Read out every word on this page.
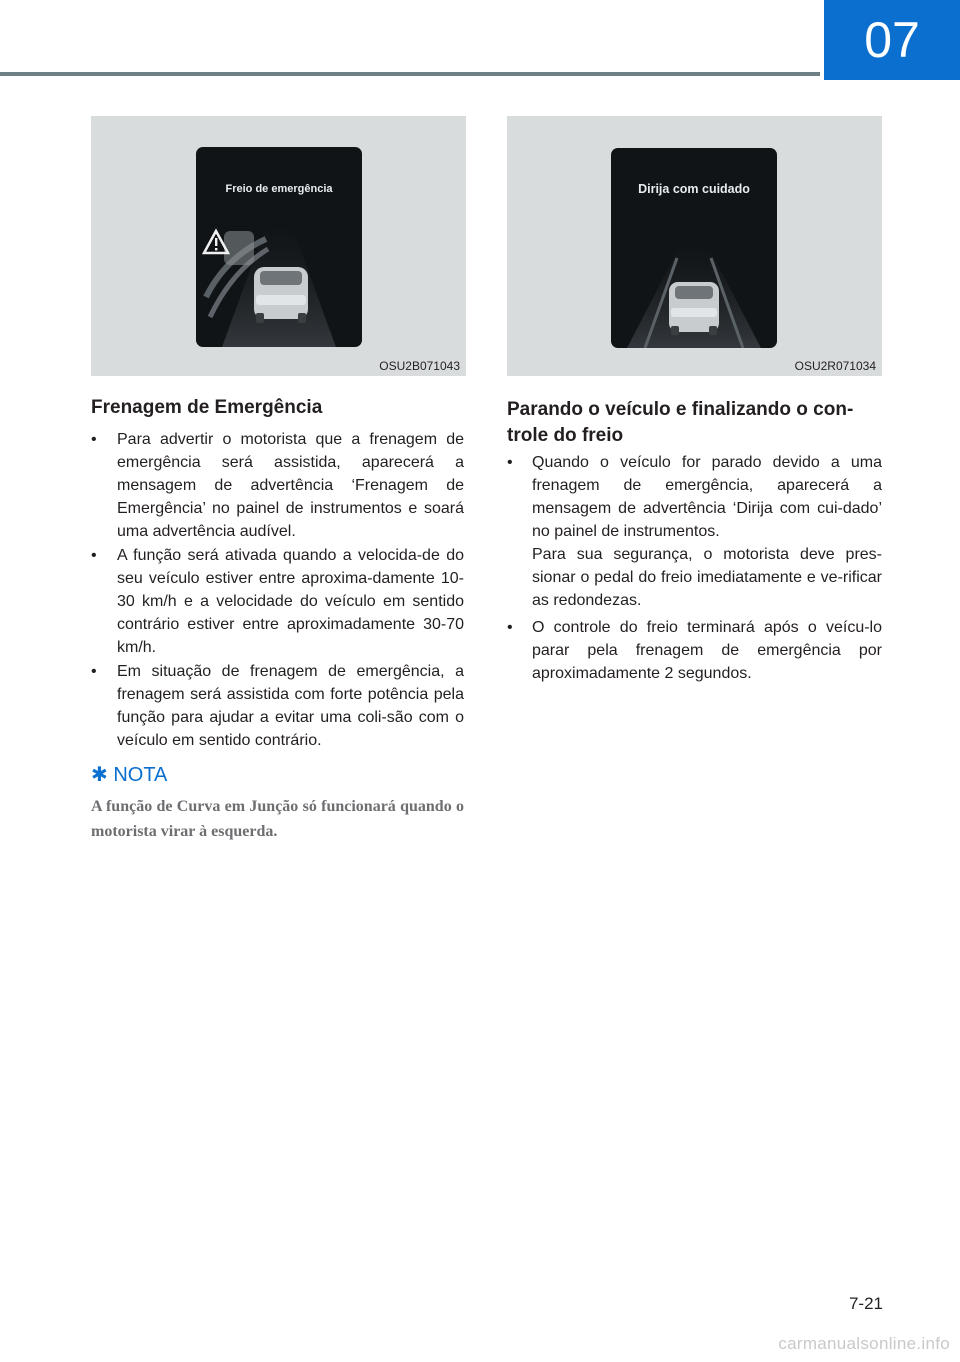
07
Freio de emergência
OSU2B071043
Dirija com cuidado
OSU2R071034
Frenagem de Emergência
• Para advertir o motorista que a frenagem de emergência será assistida, aparecerá a mensagem de advertência ‘Frenagem de Emergência’ no painel de instrumentos e soará uma advertência audível.
• A função será ativada quando a velocida-de do seu veículo estiver entre aproxima-damente 10-30 km/h e a velocidade do veículo em sentido contrário estiver entre aproximadamente 30-70 km/h.
• Em situação de frenagem de emergência, a frenagem será assistida com forte potência pela função para ajudar a evitar uma coli-são com o veículo em sentido contrário.
✱ NOTA
A função de Curva em Junção só funcionará quando o motorista virar à esquerda.
Parando o veículo e finalizando o con-trole do freio
• Quando o veículo for parado devido a uma frenagem de emergência, aparecerá a mensagem de advertência ‘Dirija com cui-dado’ no painel de instrumentos.
Para sua segurança, o motorista deve pres-sionar o pedal do freio imediatamente e ve-rificar as redondezas.
• O controle do freio terminará após o veícu-lo parar pela frenagem de emergência por aproximadamente 2 segundos.
7-21
carmanualsonline.info
